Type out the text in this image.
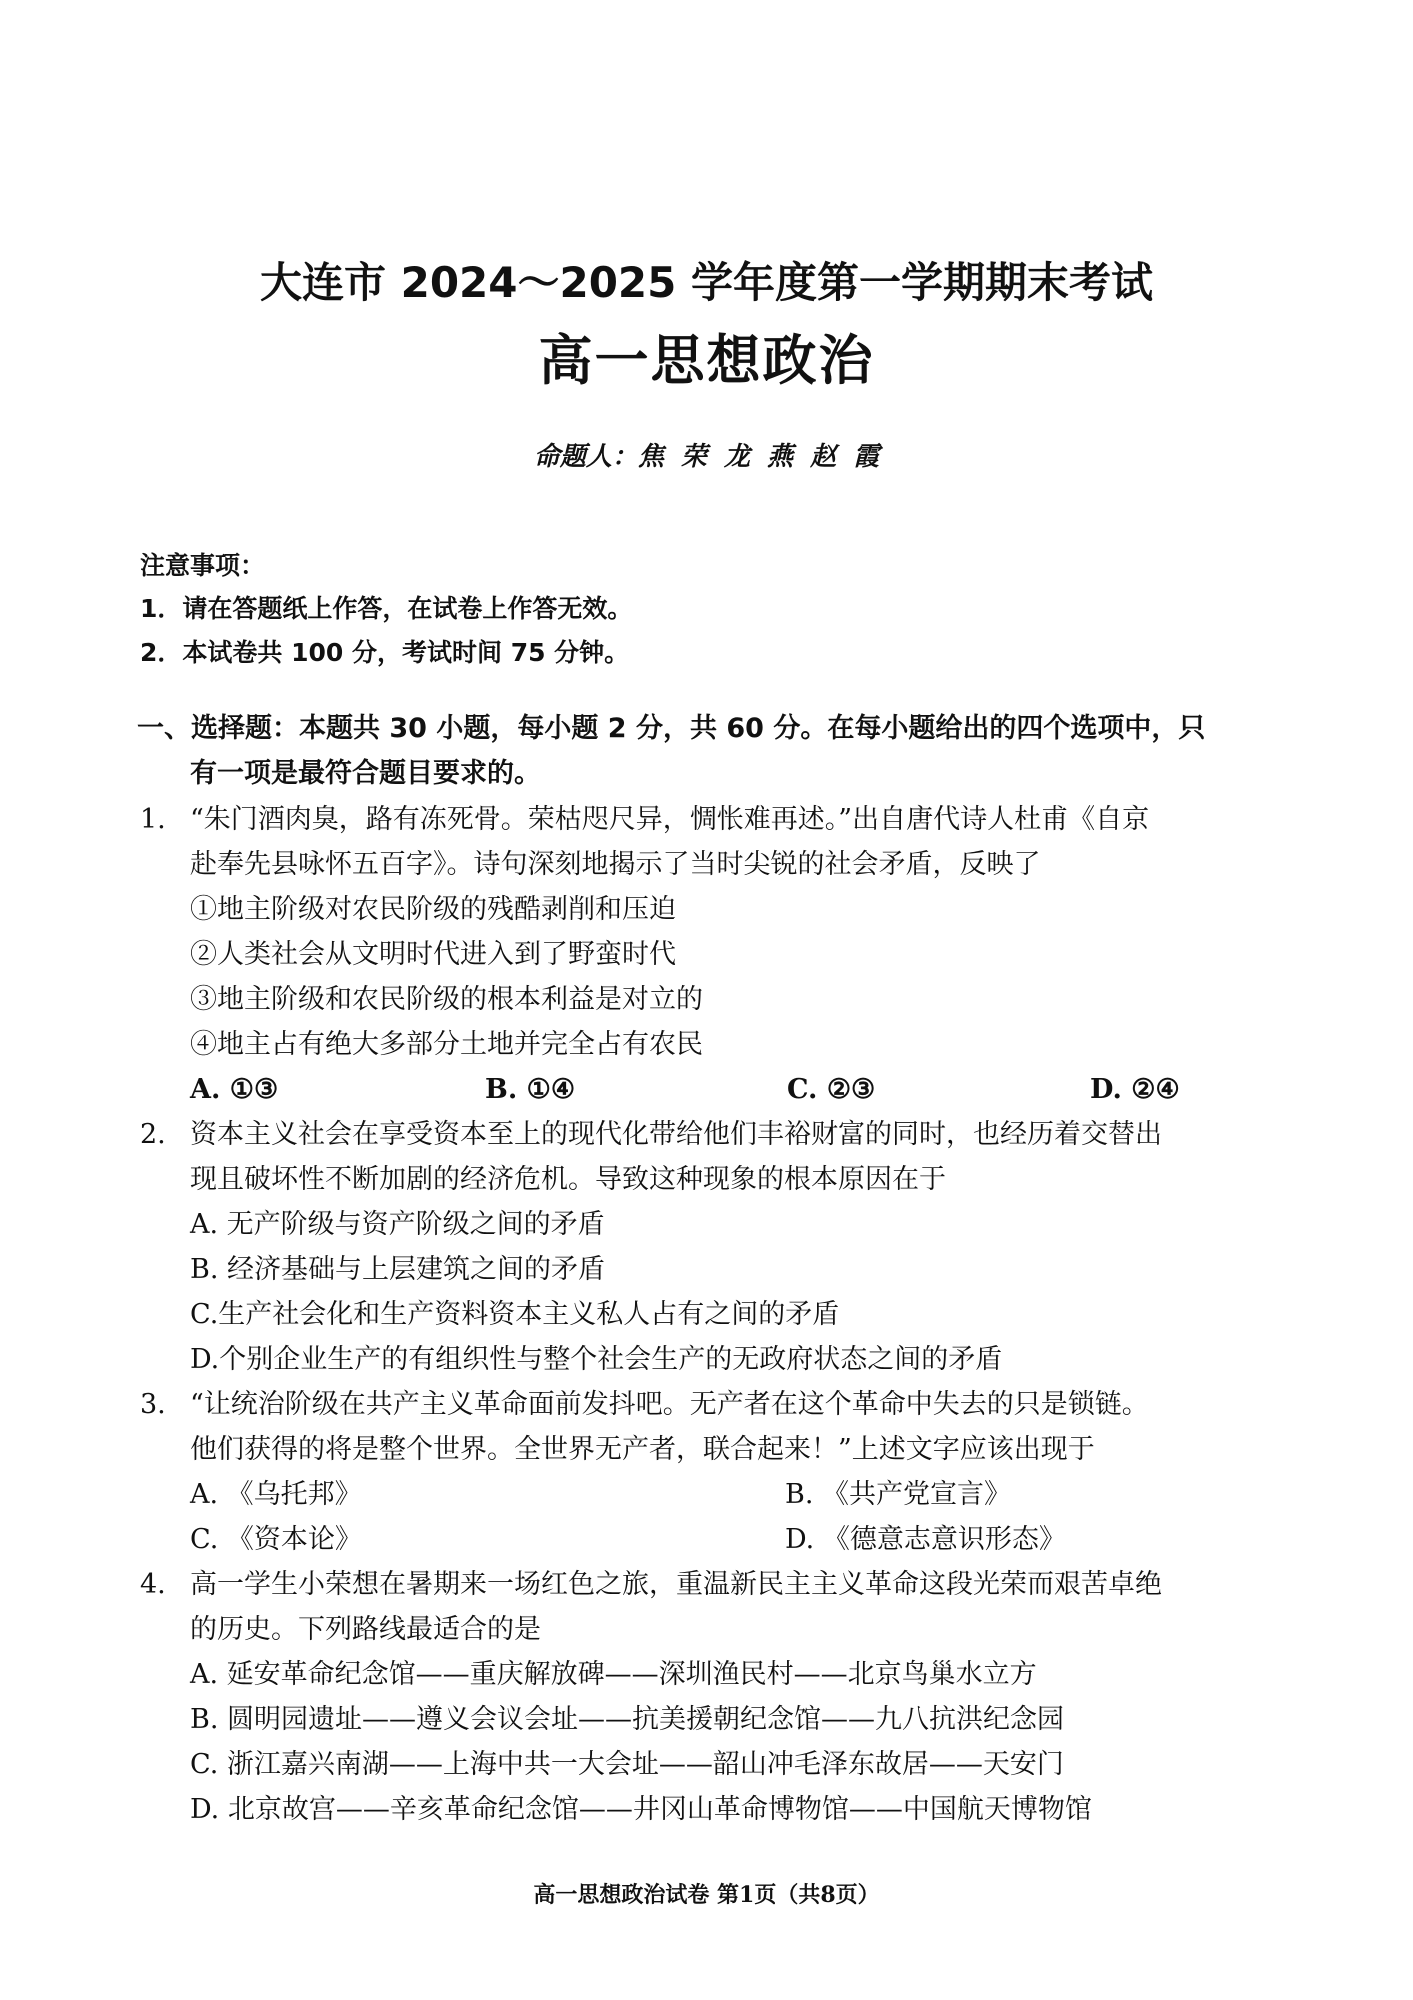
大连市 2024～2025 学年度第一学期期末考试
高一思想政治
命题人：焦 荣 龙 燕 赵 霞
注意事项：
1．请在答题纸上作答，在试卷上作答无效。
2．本试卷共 100 分，考试时间 75 分钟。
一、选择题：本题共 30 小题，每小题 2 分，共 60 分。在每小题给出的四个选项中，只
有一项是最符合题目要求的。
1. “朱门酒肉臭，路有冻死骨。荣枯咫尺异，惆怅难再述。”出自唐代诗人杜甫《自京
赴奉先县咏怀五百字》。诗句深刻地揭示了当时尖锐的社会矛盾，反映了
①地主阶级对农民阶级的残酷剥削和压迫
②人类社会从文明时代进入到了野蛮时代
③地主阶级和农民阶级的根本利益是对立的
④地主占有绝大多部分土地并完全占有农民
A. ①③	B. ①④	C. ②③	D. ②④
2. 资本主义社会在享受资本至上的现代化带给他们丰裕财富的同时，也经历着交替出
现且破坏性不断加剧的经济危机。导致这种现象的根本原因在于
A. 无产阶级与资产阶级之间的矛盾
B. 经济基础与上层建筑之间的矛盾
C.生产社会化和生产资料资本主义私人占有之间的矛盾
D.个别企业生产的有组织性与整个社会生产的无政府状态之间的矛盾
3. “让统治阶级在共产主义革命面前发抖吧。无产者在这个革命中失去的只是锁链。
他们获得的将是整个世界。全世界无产者，联合起来！”上述文字应该出现于
A. 《乌托邦》	B. 《共产党宣言》
C. 《资本论》	D. 《德意志意识形态》
4. 高一学生小荣想在暑期来一场红色之旅，重温新民主主义革命这段光荣而艰苦卓绝
的历史。下列路线最适合的是
A. 延安革命纪念馆——重庆解放碑——深圳渔民村——北京鸟巢水立方
B. 圆明园遗址——遵义会议会址——抗美援朝纪念馆——九八抗洪纪念园
C. 浙江嘉兴南湖——上海中共一大会址——韶山冲毛泽东故居——天安门
D. 北京故宫——辛亥革命纪念馆——井冈山革命博物馆——中国航天博物馆
高一思想政治试卷 第1页（共8页）
